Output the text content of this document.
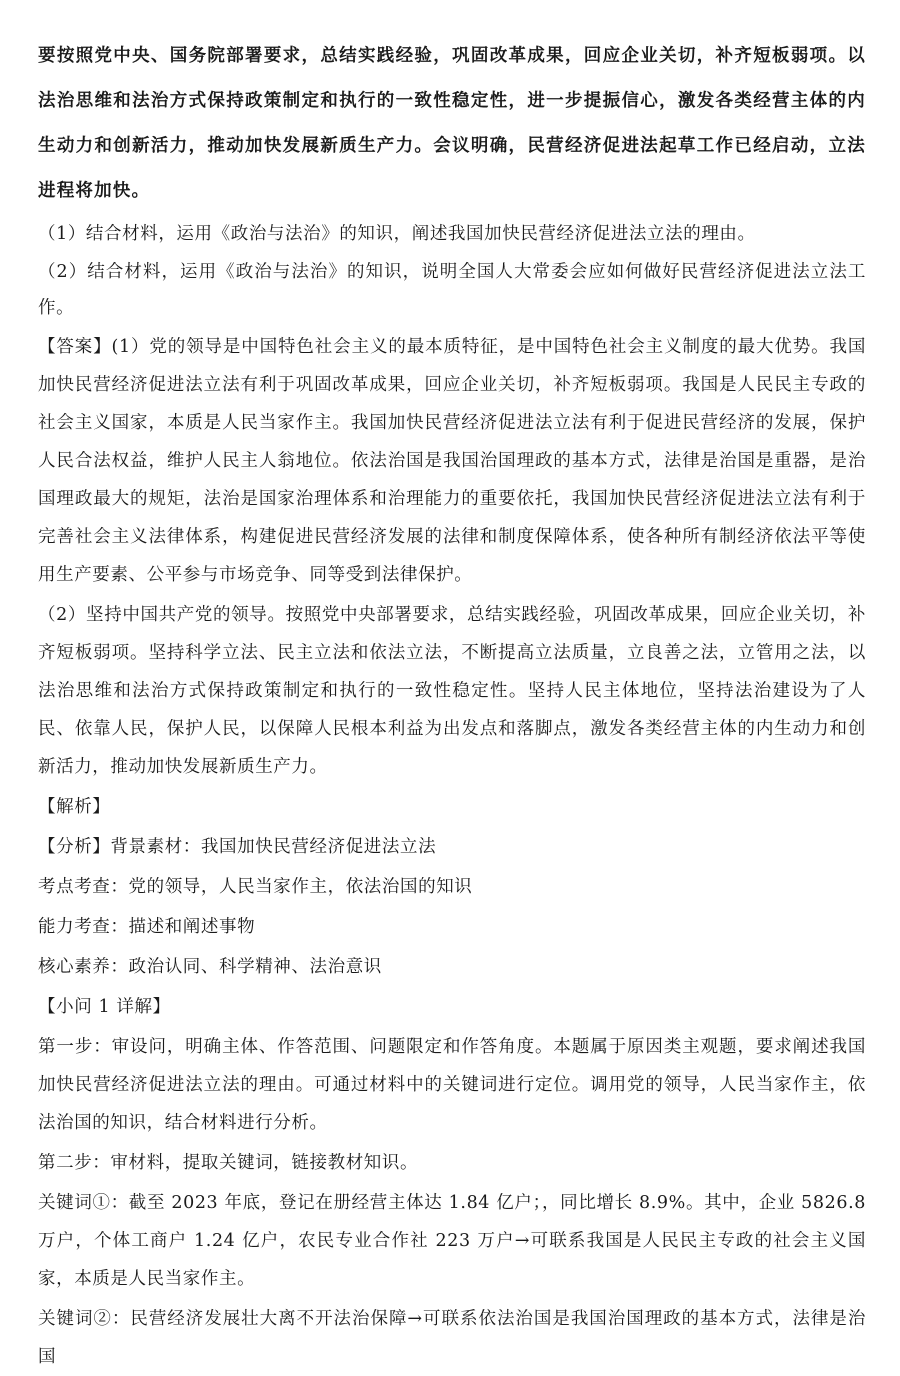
要按照党中央、国务院部署要求，总结实践经验，巩固改革成果，回应企业关切，补齐短板弱项。以法治思维和法治方式保持政策制定和执行的一致性稳定性，进一步提振信心，激发各类经营主体的内生动力和创新活力，推动加快发展新质生产力。会议明确，民营经济促进法起草工作已经启动，立法进程将加快。

（1）结合材料，运用《政治与法治》的知识，阐述我国加快民营经济促进法立法的理由。

（2）结合材料，运用《政治与法治》的知识，说明全国人大常委会应如何做好民营经济促进法立法工作。

【答案】(1）党的领导是中国特色社会主义的最本质特征，是中国特色社会主义制度的最大优势。我国加快民营经济促进法立法有利于巩固改革成果，回应企业关切，补齐短板弱项。我国是人民民主专政的社会主义国家，本质是人民当家作主。我国加快民营经济促进法立法有利于促进民营经济的发展，保护人民合法权益，维护人民主人翁地位。依法治国是我国治国理政的基本方式，法律是治国是重器，是治国理政最大的规矩，法治是国家治理体系和治理能力的重要依托，我国加快民营经济促进法立法有利于完善社会主义法律体系，构建促进民营经济发展的法律和制度保障体系，使各种所有制经济依法平等使用生产要素、公平参与市场竞争、同等受到法律保护。

（2）坚持中国共产党的领导。按照党中央部署要求，总结实践经验，巩固改革成果，回应企业关切，补齐短板弱项。坚持科学立法、民主立法和依法立法，不断提高立法质量，立良善之法，立管用之法，以法治思维和法治方式保持政策制定和执行的一致性稳定性。坚持人民主体地位，坚持法治建设为了人民、依靠人民，保护人民，以保障人民根本利益为出发点和落脚点，激发各类经营主体的内生动力和创新活力，推动加快发展新质生产力。

【解析】

【分析】背景素材：我国加快民营经济促进法立法

考点考查：党的领导，人民当家作主，依法治国的知识

能力考查：描述和阐述事物

核心素养：政治认同、科学精神、法治意识

【小问 1 详解】

第一步：审设问，明确主体、作答范围、问题限定和作答角度。本题属于原因类主观题，要求阐述我国加快民营经济促进法立法的理由。可通过材料中的关键词进行定位。调用党的领导，人民当家作主，依法治国的知识，结合材料进行分析。

第二步：审材料，提取关键词，链接教材知识。

关键词①：截至 2023 年底，登记在册经营主体达 1.84 亿户；，同比增长 8.9%。其中，企业 5826.8 万户，个体工商户 1.24 亿户，农民专业合作社 223 万户→可联系我国是人民民主专政的社会主义国家，本质是人民当家作主。

关键词②：民营经济发展壮大离不开法治保障→可联系依法治国是我国治国理政的基本方式，法律是治国
